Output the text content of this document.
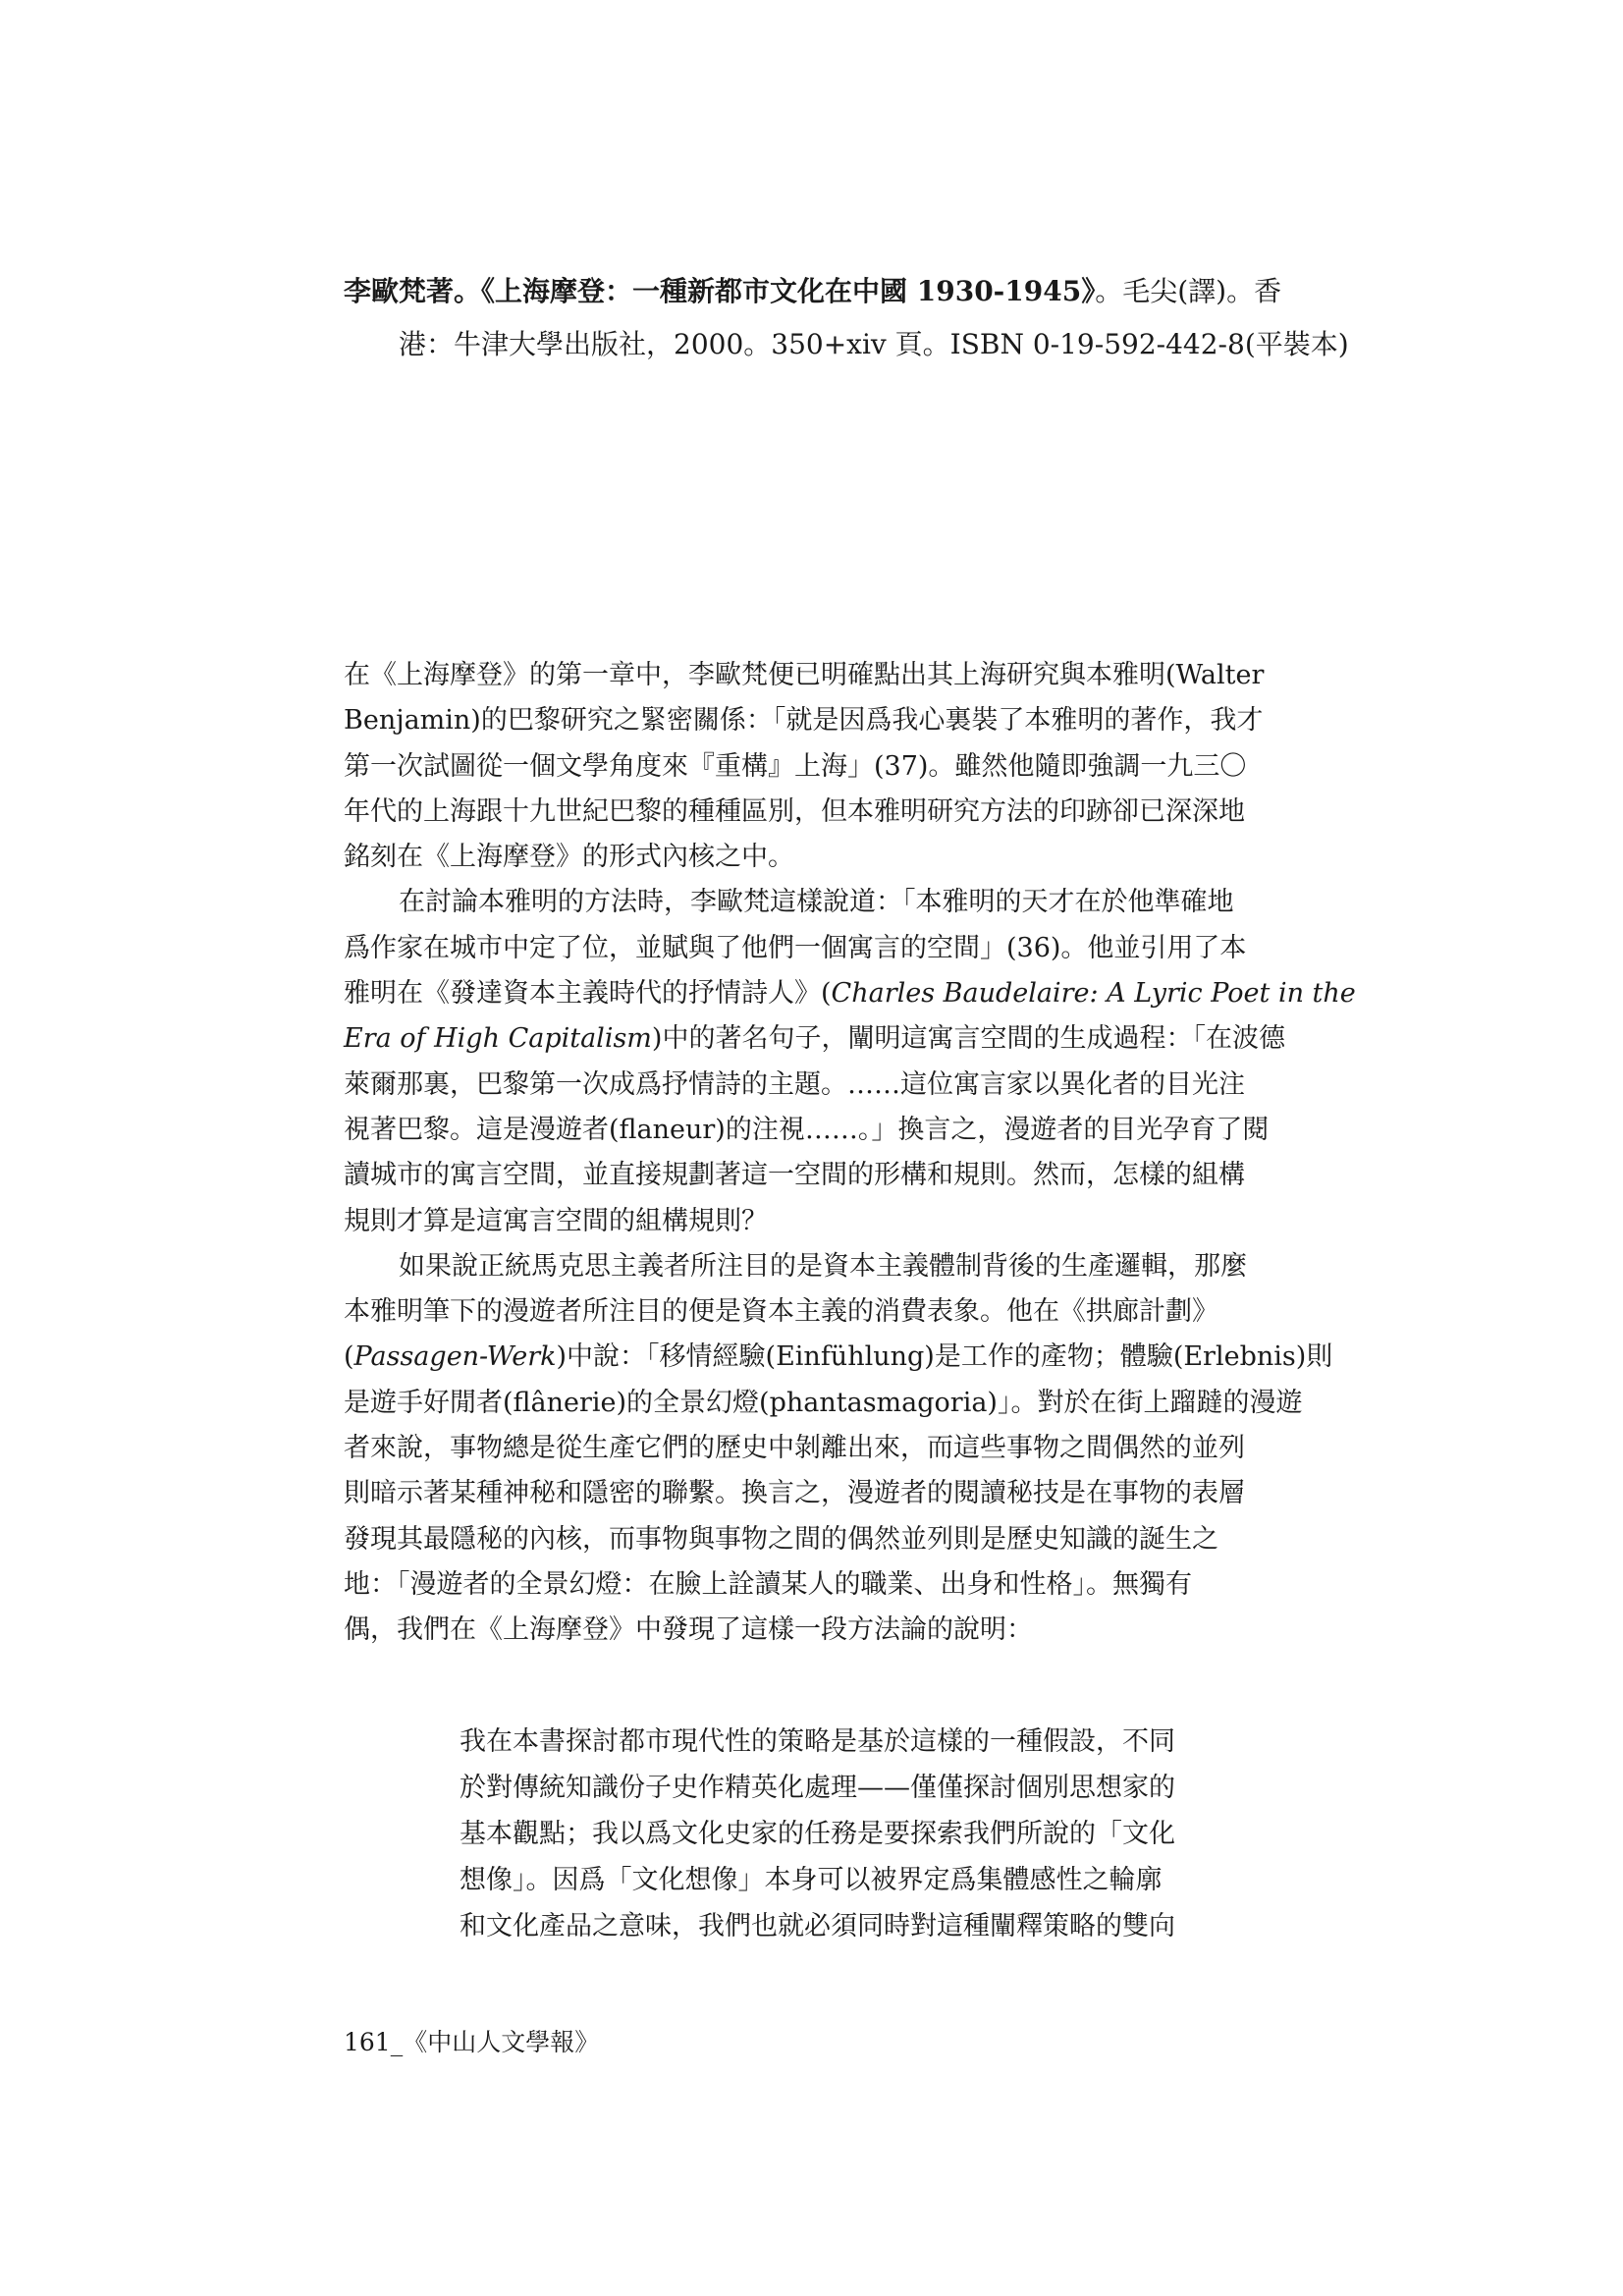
李歐梵著。《上海摩登：一種新都市文化在中國 1930-1945》。毛尖(譯)。香
港：牛津大學出版社，2000。350+xiv 頁。ISBN 0-19-592-442-8(平裝本)
在《上海摩登》的第一章中，李歐梵便已明確點出其上海研究與本雅明(Walter
Benjamin)的巴黎研究之緊密關係：「就是因爲我心裏裝了本雅明的著作，我才
第一次試圖從一個文學角度來『重構』上海」(37)。雖然他隨即強調一九三〇
年代的上海跟十九世紀巴黎的種種區別，但本雅明研究方法的印跡卻已深深地
銘刻在《上海摩登》的形式內核之中。
在討論本雅明的方法時，李歐梵這樣說道：「本雅明的天才在於他準確地
爲作家在城市中定了位，並賦與了他們一個寓言的空間」(36)。他並引用了本
雅明在《發達資本主義時代的抒情詩人》(Charles Baudelaire: A Lyric Poet in the
Era of High Capitalism)中的著名句子，闡明這寓言空間的生成過程：「在波德
萊爾那裏，巴黎第一次成爲抒情詩的主題。……這位寓言家以異化者的目光注
視著巴黎。這是漫遊者(flaneur)的注視……。」換言之，漫遊者的目光孕育了閱
讀城市的寓言空間，並直接規劃著這一空間的形構和規則。然而，怎樣的組構
規則才算是這寓言空間的組構規則？
如果說正統馬克思主義者所注目的是資本主義體制背後的生產邏輯，那麼
本雅明筆下的漫遊者所注目的便是資本主義的消費表象。他在《拱廊計劃》
(Passagen-Werk)中說：「移情經驗(Einfühlung)是工作的產物；體驗(Erlebnis)則
是遊手好閒者(flânerie)的全景幻燈(phantasmagoria)」。對於在街上蹓躂的漫遊
者來說，事物總是從生產它們的歷史中剝離出來，而這些事物之間偶然的並列
則暗示著某種神秘和隱密的聯繫。換言之，漫遊者的閱讀秘技是在事物的表層
發現其最隱秘的內核，而事物與事物之間的偶然並列則是歷史知識的誕生之
地：「漫遊者的全景幻燈：在臉上詮讀某人的職業、出身和性格」。無獨有
偶，我們在《上海摩登》中發現了這樣一段方法論的說明：
我在本書探討都市現代性的策略是基於這樣的一種假設，不同
於對傳統知識份子史作精英化處理——僅僅探討個別思想家的
基本觀點；我以爲文化史家的任務是要探索我們所說的「文化
想像」。因爲「文化想像」本身可以被界定爲集體感性之輪廓
和文化產品之意味，我們也就必須同時對這種闡釋策略的雙向
161_《中山人文學報》
